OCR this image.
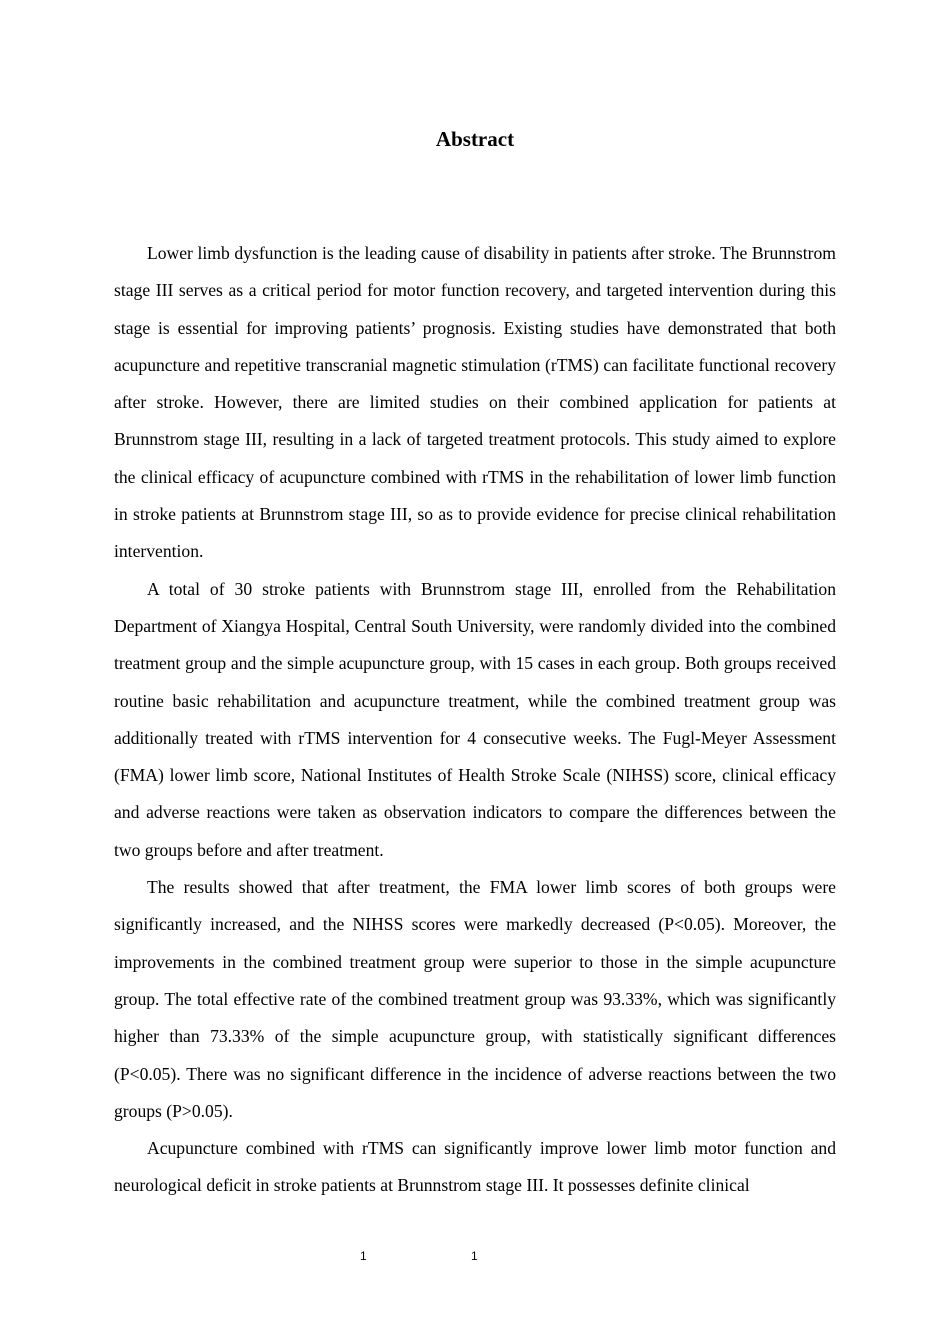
Abstract

Lower limb dysfunction is the leading cause of disability in patients after stroke. The Brunnstrom stage III serves as a critical period for motor function recovery, and targeted intervention during this stage is essential for improving patients’ prognosis. Existing studies have demonstrated that both acupuncture and repetitive transcranial magnetic stimulation (rTMS) can facilitate functional recovery after stroke. However, there are limited studies on their combined application for patients at Brunnstrom stage III, resulting in a lack of targeted treatment protocols. This study aimed to explore the clinical efficacy of acupuncture combined with rTMS in the rehabilitation of lower limb function in stroke patients at Brunnstrom stage III, so as to provide evidence for precise clinical rehabilitation intervention.

A total of 30 stroke patients with Brunnstrom stage III, enrolled from the Rehabilitation Department of Xiangya Hospital, Central South University, were randomly divided into the combined treatment group and the simple acupuncture group, with 15 cases in each group. Both groups received routine basic rehabilitation and acupuncture treatment, while the combined treatment group was additionally treated with rTMS intervention for 4 consecutive weeks. The Fugl-Meyer Assessment (FMA) lower limb score, National Institutes of Health Stroke Scale (NIHSS) score, clinical efficacy and adverse reactions were taken as observation indicators to compare the differences between the two groups before and after treatment.

The results showed that after treatment, the FMA lower limb scores of both groups were significantly increased, and the NIHSS scores were markedly decreased (P<0.05). Moreover, the improvements in the combined treatment group were superior to those in the simple acupuncture group. The total effective rate of the combined treatment group was 93.33%, which was significantly higher than 73.33% of the simple acupuncture group, with statistically significant differences (P<0.05). There was no significant difference in the incidence of adverse reactions between the two groups (P>0.05).

Acupuncture combined with rTMS can significantly improve lower limb motor function and neurological deficit in stroke patients at Brunnstrom stage III. It possesses definite clinical

1	1
